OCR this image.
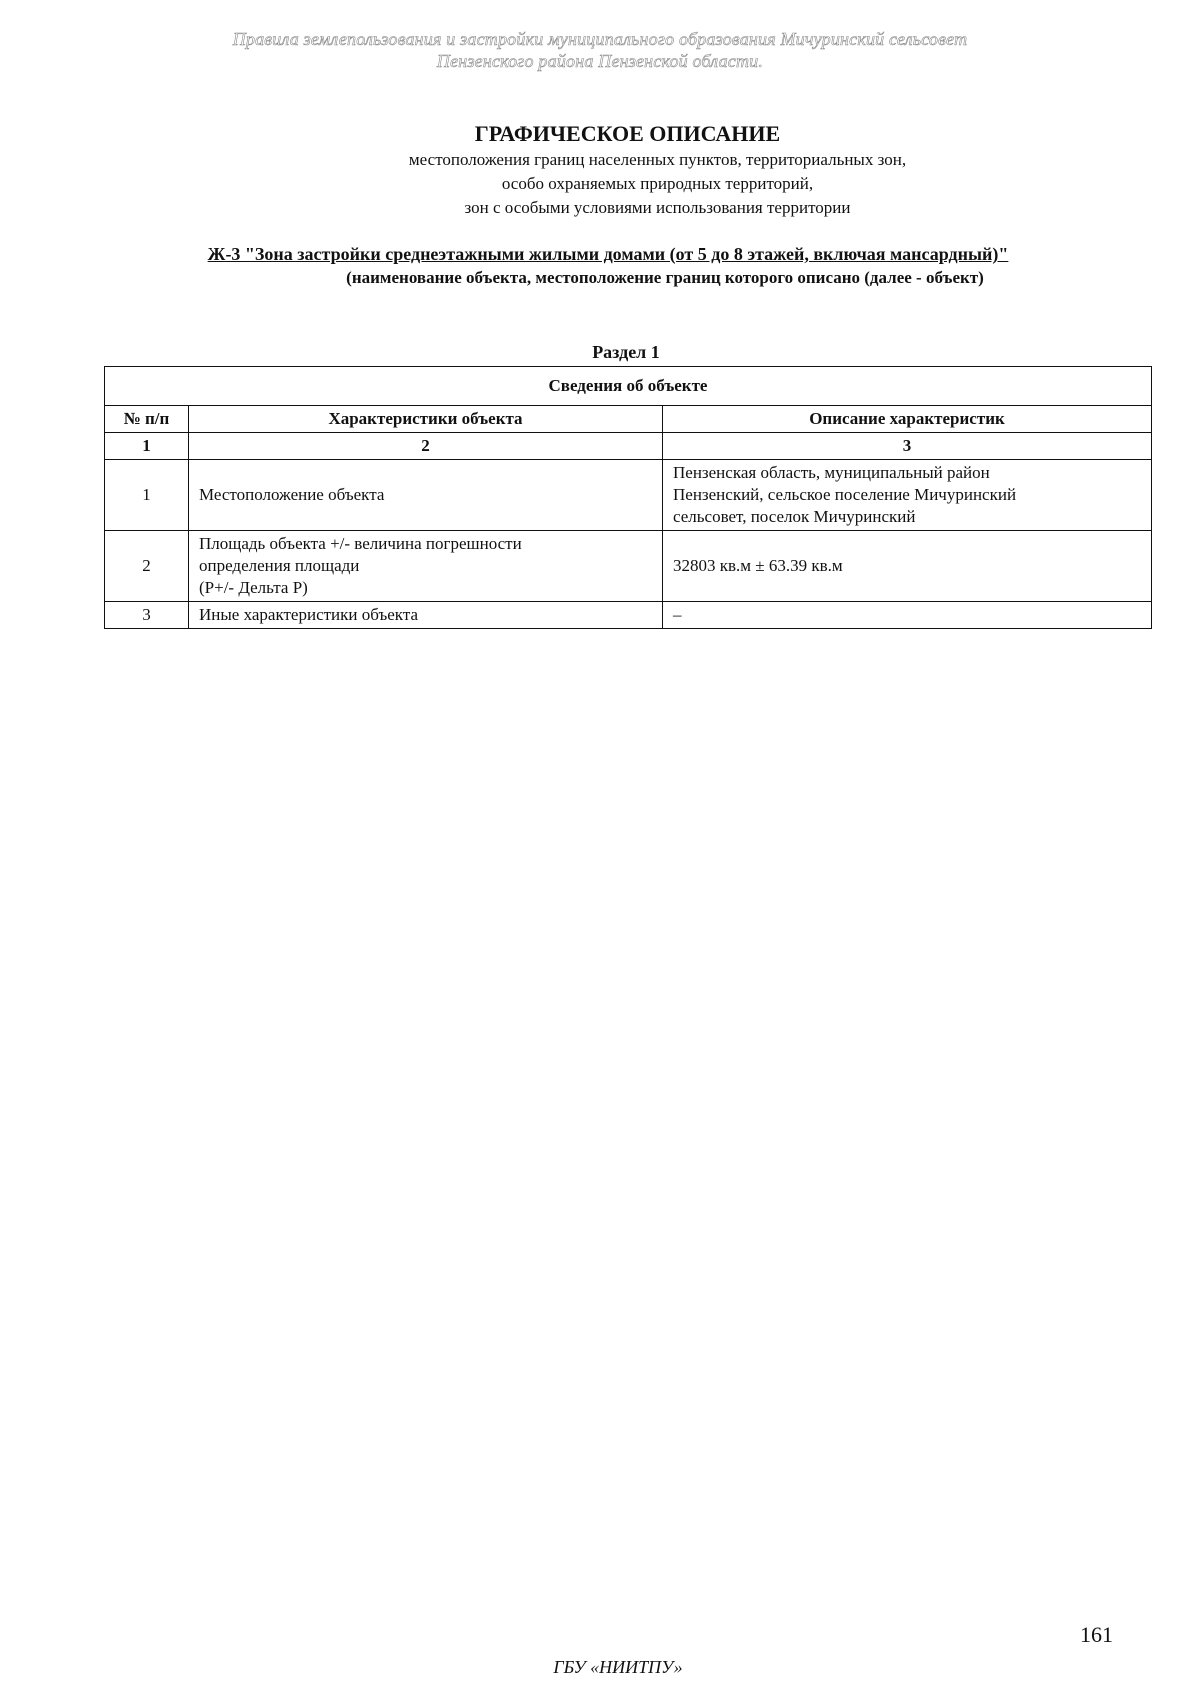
Правила землепользования и застройки муниципального образования Мичуринский сельсовет
Пензенского района Пензенской области.
ГРАФИЧЕСКОЕ ОПИСАНИЕ
местоположения границ населенных пунктов, территориальных зон,
особо охраняемых природных территорий,
зон с особыми условиями использования территории
Ж-3 "Зона застройки среднеэтажными жилыми домами (от 5 до 8 этажей, включая мансардный)"
(наименование объекта, местоположение границ которого описано (далее - объект)
Раздел 1
Сведения об объекте		
№ п/п	Характеристики объекта	Описание характеристик
1	2	3
1	Местоположение объекта	Пензенская область, муниципальный район
Пензенский, сельское поселение Мичуринский
сельсовет, поселок Мичуринский
2	Площадь объекта +/- величина погрешности
определения площади
(P+/- Дельта P)	32803 кв.м ± 63.39 кв.м
3	Иные характеристики объекта	–
161
ГБУ «НИИТПУ»
